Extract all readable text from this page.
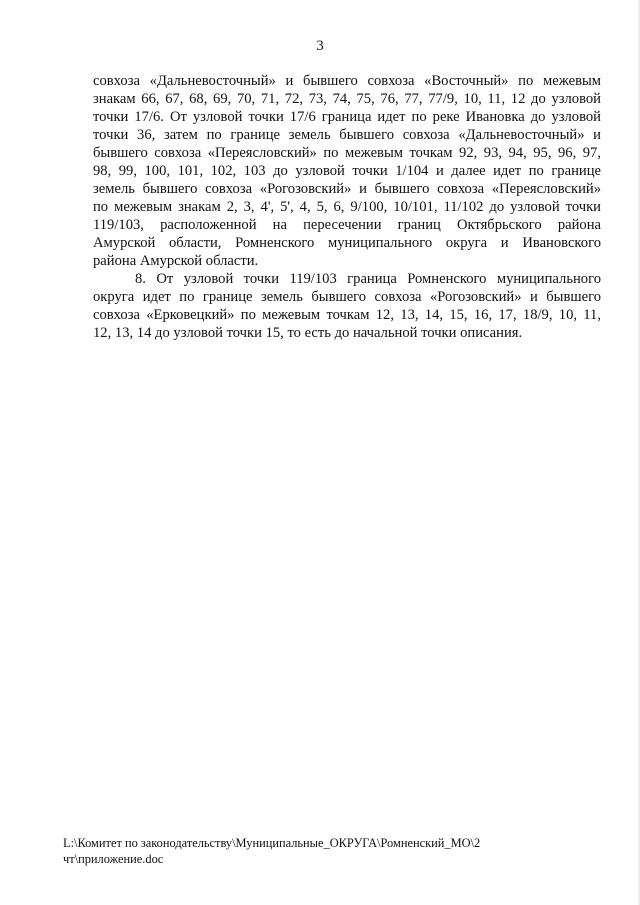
3
совхоза «Дальневосточный» и бывшего совхоза «Восточный» по межевым
знакам 66, 67, 68, 69, 70, 71, 72, 73, 74, 75, 76, 77, 77/9, 10, 11, 12 до узловой
точки 17/6. От узловой точки 17/6 граница идет по реке Ивановка до узловой
точки 36, затем по границе земель бывшего совхоза «Дальневосточный» и
бывшего совхоза «Переясловский» по межевым точкам 92, 93, 94, 95, 96, 97,
98, 99, 100, 101, 102, 103 до узловой точки 1/104 и далее идет по границе
земель бывшего совхоза «Рогозовский» и бывшего совхоза «Переясловский»
по межевым знакам 2, 3, 4', 5', 4, 5, 6, 9/100, 10/101, 11/102 до узловой точки
119/103, расположенной на пересечении границ Октябрьского района
Амурской области, Ромненского муниципального округа и Ивановского
района Амурской области.
8. От узловой точки 119/103 граница Ромненского муниципального
округа идет по границе земель бывшего совхоза «Рогозовский» и бывшего
совхоза «Ерковецкий» по межевым точкам 12, 13, 14, 15, 16, 17, 18/9, 10, 11,
12, 13, 14 до узловой точки 15, то есть до начальной точки описания.
L:\Комитет по законодательству\Муниципальные_ОКРУГА\Ромненский_МО\2
чт\приложение.doc
